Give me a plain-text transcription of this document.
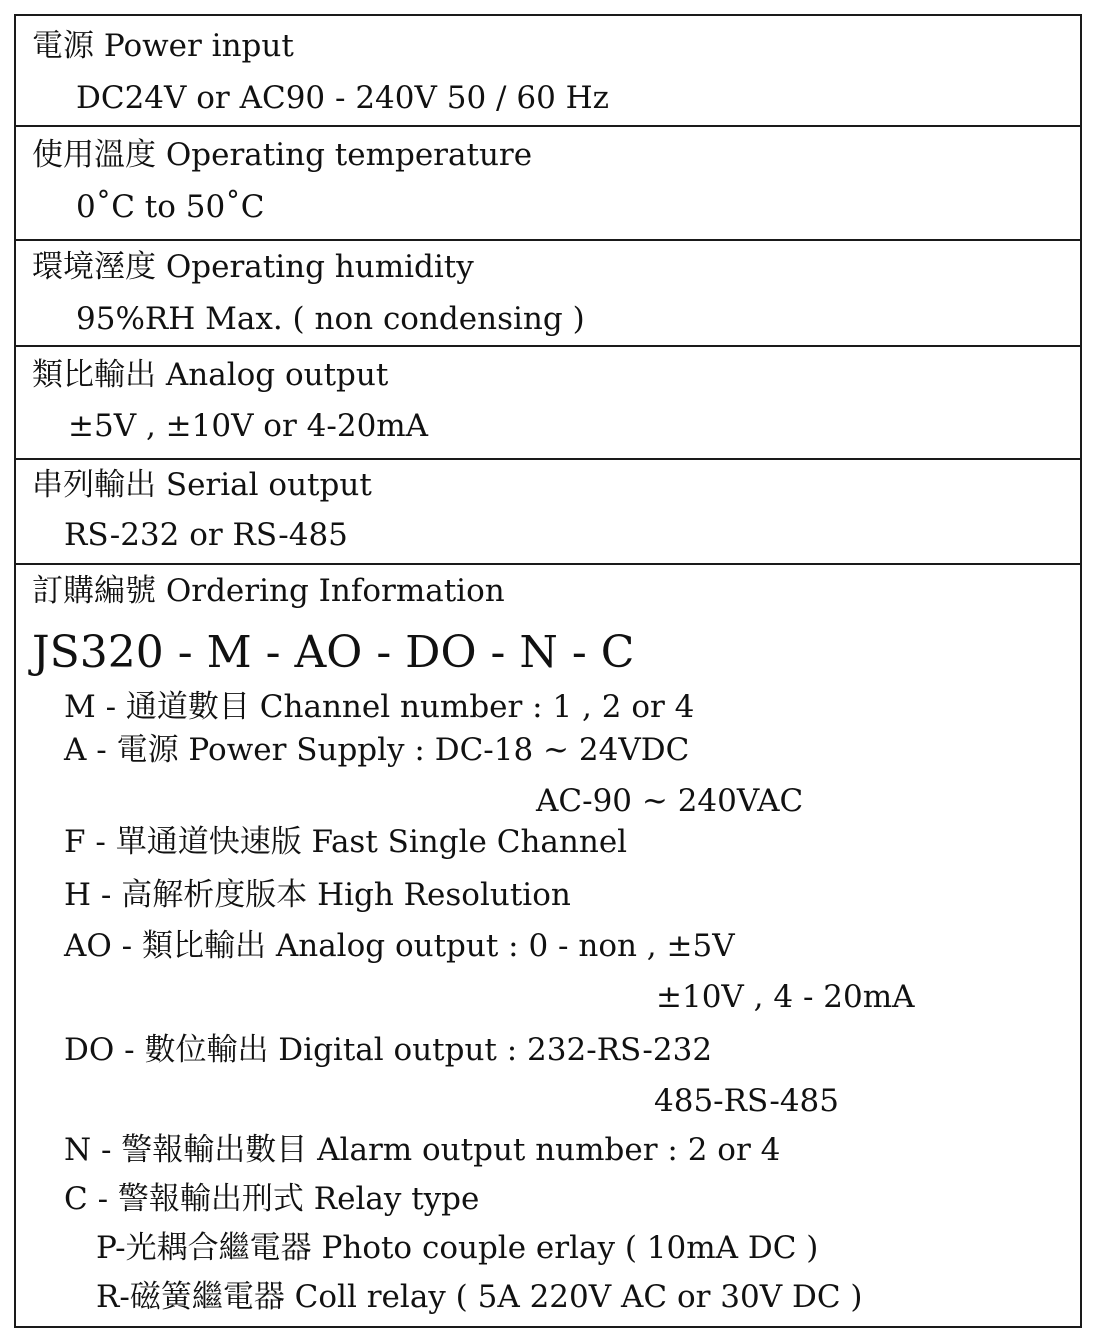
電源 Power input
DC24V or AC90 - 240V 50 / 60 Hz
使用溫度 Operating temperature
0˚C to 50˚C
環境溼度 Operating humidity
95%RH Max. ( non condensing )
類比輸出 Analog output
±5V , ±10V or 4-20mA
串列輸出 Serial output
RS-232 or RS-485
訂購編號 Ordering Information
JS320 - M - AO - DO - N - C
M - 通道數目 Channel number : 1 , 2 or 4
A - 電源 Power Supply : DC-18 ~ 24VDC
AC-90 ~ 240VAC
F - 單通道快速版 Fast Single Channel
H - 高解析度版本 High Resolution
AO - 類比輸出 Analog output : 0 - non , ±5V
±10V , 4 - 20mA
DO - 數位輸出 Digital output : 232-RS-232
485-RS-485
N - 警報輸出數目 Alarm output number : 2 or 4
C - 警報輸出刑式 Relay type
P-光耦合繼電器 Photo couple erlay ( 10mA DC )
R-磁簧繼電器 Coll relay ( 5A 220V AC or 30V DC )
